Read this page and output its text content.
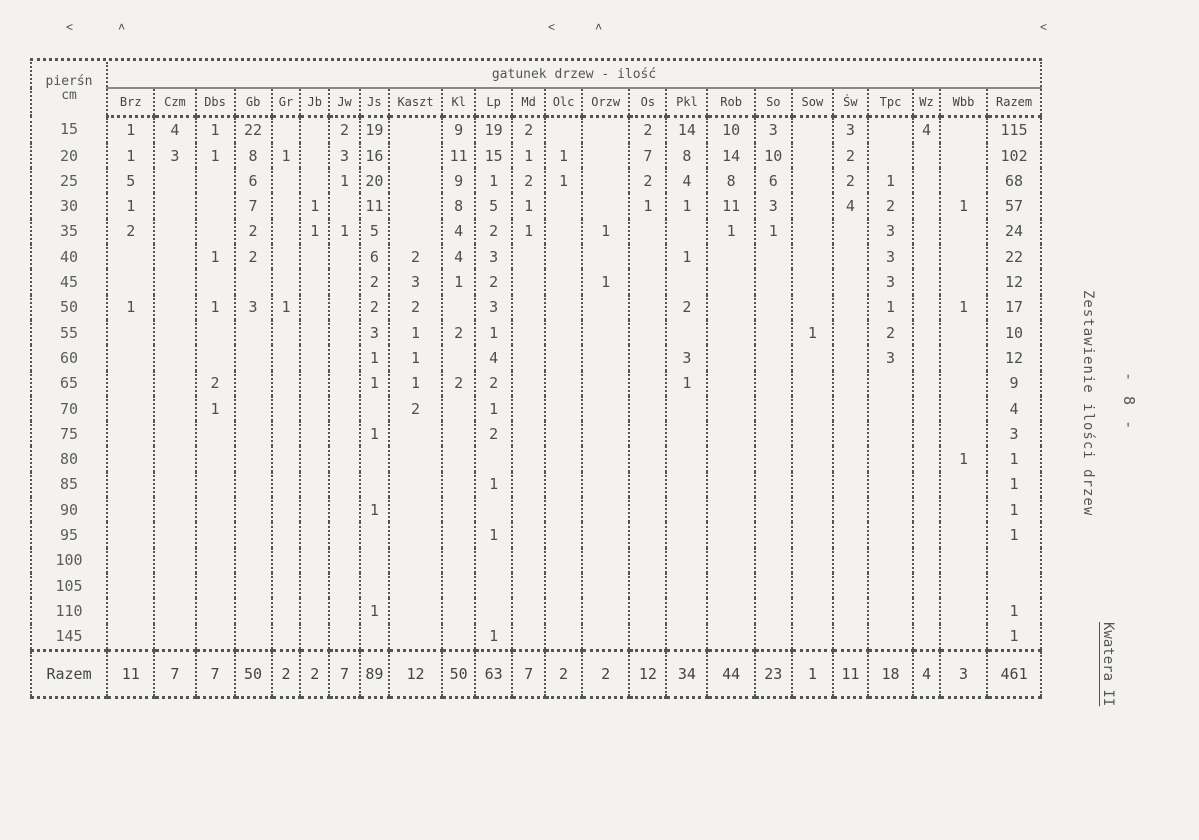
˂	˄	˂	˄	˂
pierśn
cm	gatunek drzew - ilość																							
	Brz	Czm	Dbs	Gb	Gr	Jb	Jw	Js	Kaszt	Kl	Lp	Md	Olc	Orzw	Os	Pkl	Rob	So	Sow	Św	Tpc	Wz	Wbb	Razem
15	1	4	1	22			2	19		9	19	2			2	14	10	3		3		4		115
20	1	3	1	8	1		3	16		11	15	1	1		7	8	14	10		2				102
25	5			6			1	20		9	1	2	1		2	4	8	6		2	1			68
30	1			7		1		11		8	5	1			1	1	11	3		4	2		1	57
35	2			2		1	1	5		4	2	1		1			1	1			3			24
40			1	2				6	2	4	3					1					3			22
45								2	3	1	2			1							3			12
50	1		1	3	1			2	2		3					2					1		1	17
55								3	1	2	1								1		2			10
60								1	1		4					3					3			12
65			2					1	1	2	2					1								9
70			1						2		1													4
75								1			2													3
80																							1	1
85											1													1
90								1																1
95											1													1
100																								
105																								
110								1																1
145											1													1
Razem	11	7	7	50	2	2	7	89	12	50	63	7	2	2	12	34	44	23	1	11	18	4	3	461
Zestawienie ilości drzew - 8 -
Kwatera II
